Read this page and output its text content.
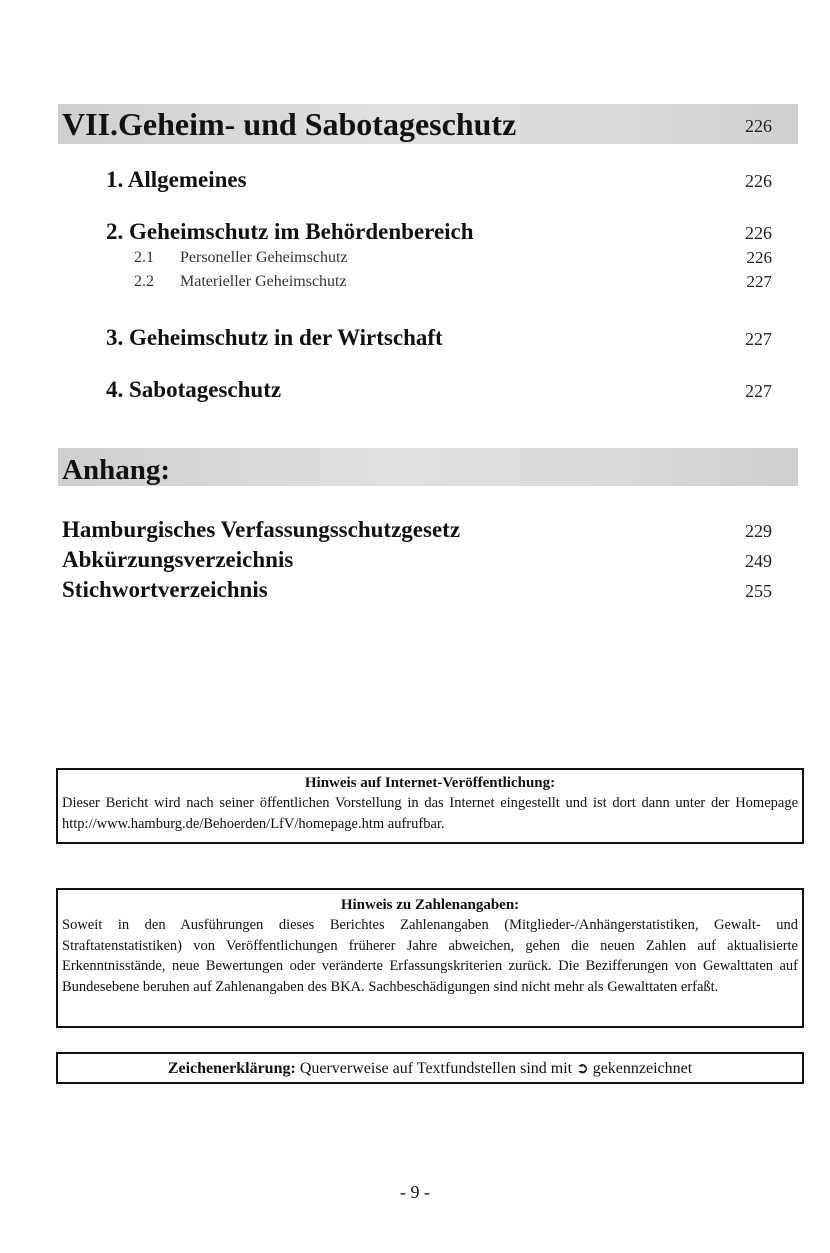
VII.Geheim- und Sabotageschutz	226
1. Allgemeines	226
2. Geheimschutz im Behördenbereich	226
2.1 Personeller Geheimschutz	226
2.2 Materieller Geheimschutz	227
3. Geheimschutz in der Wirtschaft	227
4. Sabotageschutz	227
Anhang:
Hamburgisches Verfassungsschutzgesetz	229
Abkürzungsverzeichnis	249
Stichwortverzeichnis	255
Hinweis auf Internet-Veröffentlichung:
Dieser Bericht wird nach seiner öffentlichen Vorstellung in das Internet eingestellt und ist dort dann unter der Homepage http://www.hamburg.de/Behoerden/LfV/homepage.htm aufrufbar.
Hinweis zu Zahlenangaben:
Soweit in den Ausführungen dieses Berichtes Zahlenangaben (Mitglieder-/Anhängerstatistiken, Gewalt- und Straftatenstatistiken) von Veröffentlichungen früherer Jahre abweichen, gehen die neuen Zahlen auf aktualisierte Erkenntnisstände, neue Bewertungen oder veränderte Erfassungskriterien zurück. Die Bezifferungen von Gewalttaten auf Bundesebene beruhen auf Zahlenangaben des BKA. Sachbeschädigungen sind nicht mehr als Gewalttaten erfaßt.
Zeichenerklärung: Querverweise auf Textfundstellen sind mit ➲ gekennzeichnet
- 9 -
